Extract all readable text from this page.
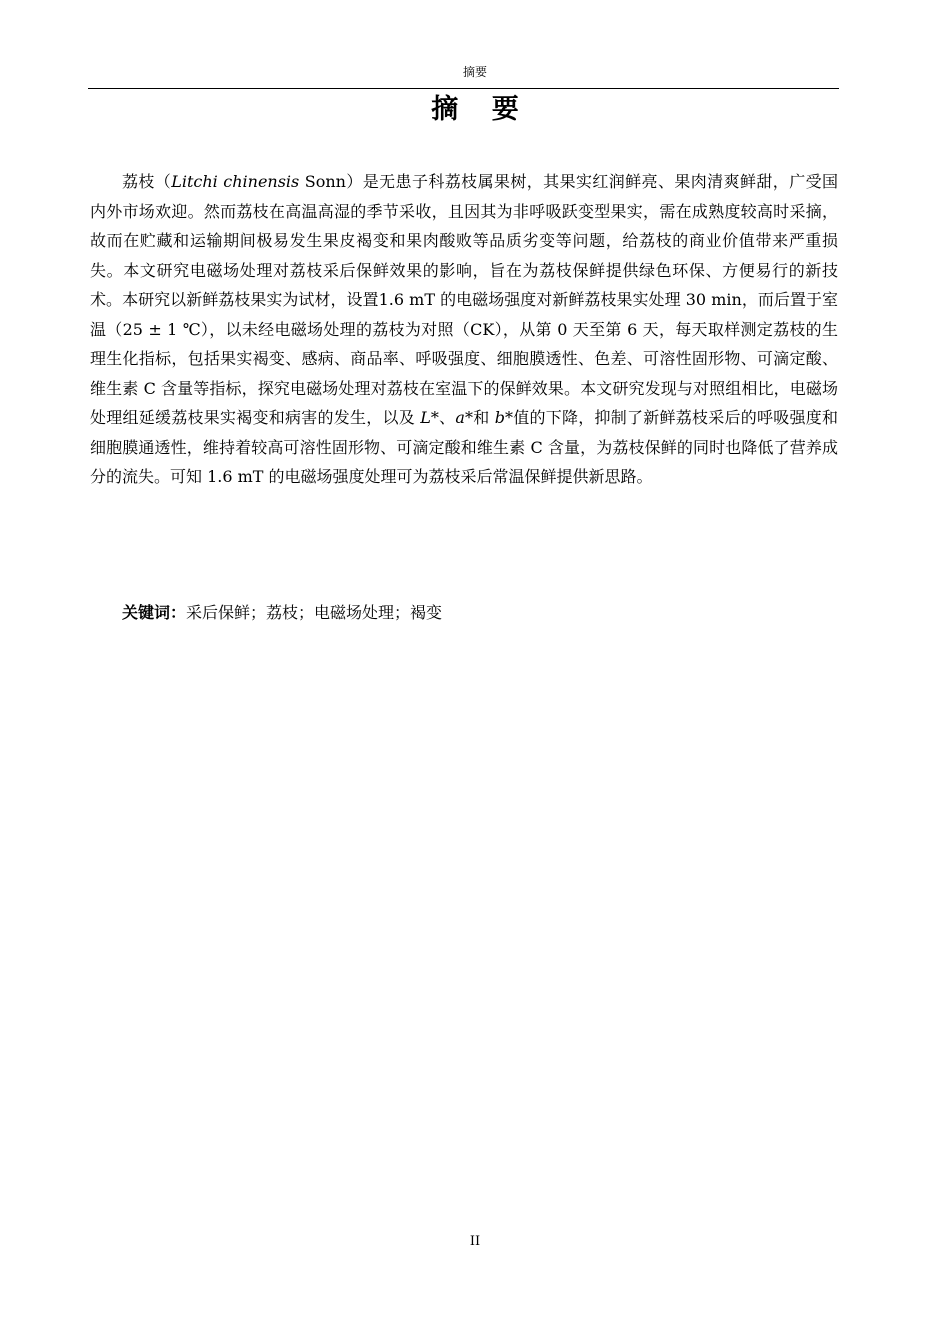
摘要
摘 要

荔枝（Litchi chinensis Sonn）是无患子科荔枝属果树，其果实红润鲜亮、果肉清爽鲜甜，广受国内外市场欢迎。然而荔枝在高温高湿的季节采收，且因其为非呼吸跃变型果实，需在成熟度较高时采摘，故而在贮藏和运输期间极易发生果皮褐变和果肉酸败等品质劣变等问题，给荔枝的商业价值带来严重损失。本文研究电磁场处理对荔枝采后保鲜效果的影响，旨在为荔枝保鲜提供绿色环保、方便易行的新技术。本研究以新鲜荔枝果实为试材，设置1.6 mT 的电磁场强度对新鲜荔枝果实处理 30 min，而后置于室温（25 ± 1 ℃），以未经电磁场处理的荔枝为对照（CK），从第 0 天至第 6 天，每天取样测定荔枝的生理生化指标，包括果实褐变、感病、商品率、呼吸强度、细胞膜透性、色差、可溶性固形物、可滴定酸、维生素 C 含量等指标，探究电磁场处理对荔枝在室温下的保鲜效果。本文研究发现与对照组相比，电磁场处理组延缓荔枝果实褐变和病害的发生，以及 L*、a*和 b*值的下降，抑制了新鲜荔枝采后的呼吸强度和细胞膜通透性，维持着较高可溶性固形物、可滴定酸和维生素 C 含量，为荔枝保鲜的同时也降低了营养成分的流失。可知 1.6 mT 的电磁场强度处理可为荔枝采后常温保鲜提供新思路。

关键词：采后保鲜；荔枝；电磁场处理；褐变
II
